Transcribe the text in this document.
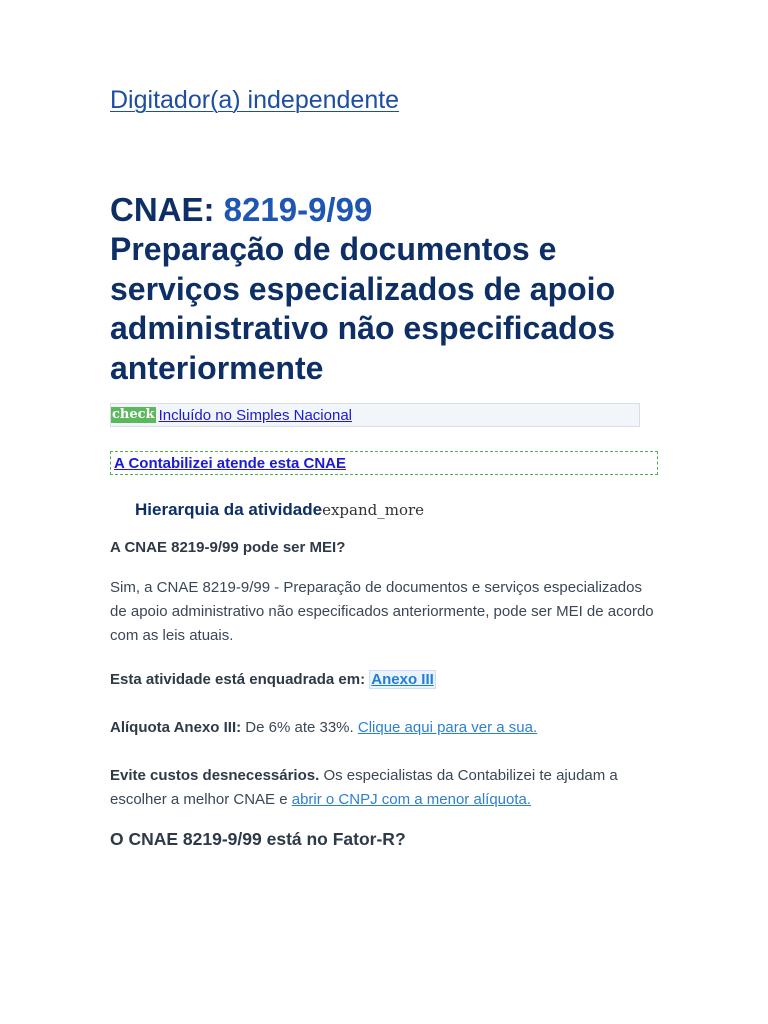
Digitador(a) independente
CNAE: 8219-9/99
Preparação de documentos e serviços especializados de apoio administrativo não especificados anteriormente
check Incluído no Simples Nacional
A Contabilizei atende esta CNAE
Hierarquia da atividade expand_more
A CNAE 8219-9/99 pode ser MEI?

Sim, a CNAE 8219-9/99 - Preparação de documentos e serviços especializados de apoio administrativo não especificados anteriormente, pode ser MEI de acordo com as leis atuais.

Esta atividade está enquadrada em: Anexo III
Alíquota Anexo III: De 6% ate 33%. Clique aqui para ver a sua.

Evite custos desnecessários. Os especialistas da Contabilizei te ajudam a escolher a melhor CNAE e abrir o CNPJ com a menor alíquota.

O CNAE 8219-9/99 está no Fator-R?
